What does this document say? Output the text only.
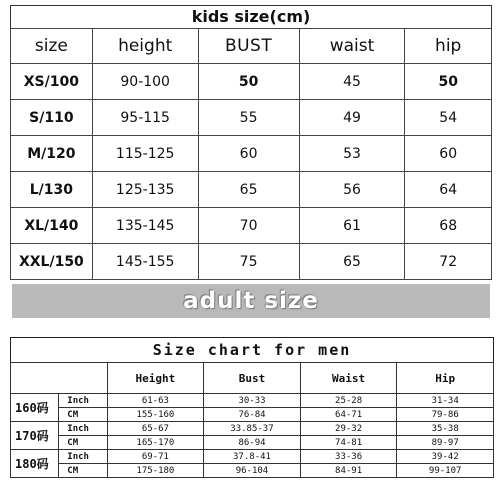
kids size(cm)
size	height	BUST	waist	hip
XS/100	90-100	50	45	50
S/110	95-115	55	49	54
M/120	115-125	60	53	60
L/130	125-135	65	56	64
XL/140	135-145	70	61	68
XXL/150	145-155	75	65	72
adult size
Size chart for men
		Height	Bust	Waist	Hip
160码	Inch	61-63	30-33	25-28	31-34
	CM	155-160	76-84	64-71	79-86
170码	Inch	65-67	33.85-37	29-32	35-38
	CM	165-170	86-94	74-81	89-97
180码	Inch	69-71	37.8-41	33-36	39-42
	CM	175-180	96-104	84-91	99-107
